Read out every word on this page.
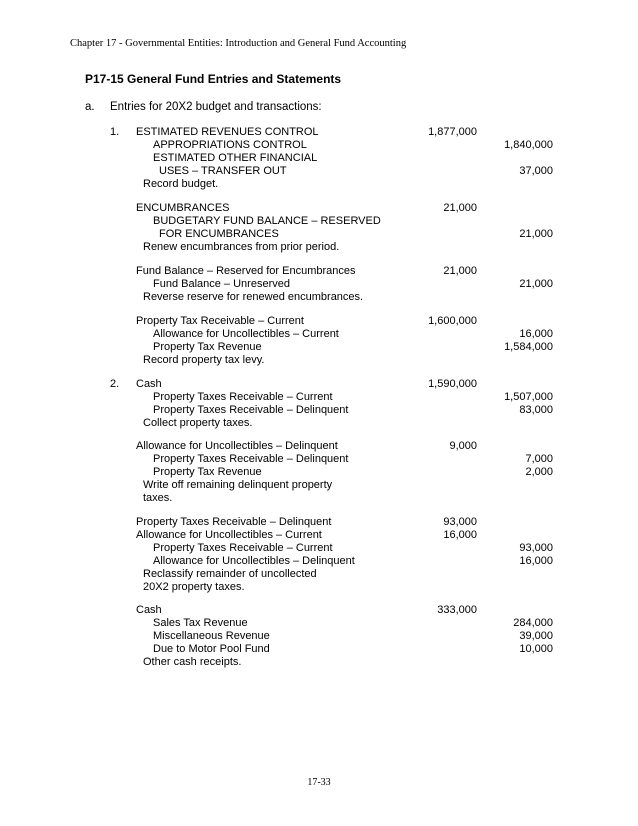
Chapter 17 - Governmental Entities: Introduction and General Fund Accounting
P17-15 General Fund Entries and Statements
a. Entries for 20X2 budget and transactions:
1. ESTIMATED REVENUES CONTROL	1,877,000
APPROPRIATIONS CONTROL	1,840,000
ESTIMATED OTHER FINANCIAL
USES – TRANSFER OUT	37,000
Record budget.
ENCUMBRANCES	21,000
BUDGETARY FUND BALANCE – RESERVED
FOR ENCUMBRANCES	21,000
Renew encumbrances from prior period.
Fund Balance – Reserved for Encumbrances	21,000
Fund Balance – Unreserved	21,000
Reverse reserve for renewed encumbrances.
Property Tax Receivable – Current	1,600,000
Allowance for Uncollectibles – Current	16,000
Property Tax Revenue	1,584,000
Record property tax levy.
2. Cash	1,590,000
Property Taxes Receivable – Current	1,507,000
Property Taxes Receivable – Delinquent	83,000
Collect property taxes.
Allowance for Uncollectibles – Delinquent	9,000
Property Taxes Receivable – Delinquent	7,000
Property Tax Revenue	2,000
Write off remaining delinquent property
taxes.
Property Taxes Receivable – Delinquent	93,000
Allowance for Uncollectibles – Current	16,000
Property Taxes Receivable – Current	93,000
Allowance for Uncollectibles – Delinquent	16,000
Reclassify remainder of uncollected
20X2 property taxes.
Cash	333,000
Sales Tax Revenue	284,000
Miscellaneous Revenue	39,000
Due to Motor Pool Fund	10,000
Other cash receipts.
17-33
